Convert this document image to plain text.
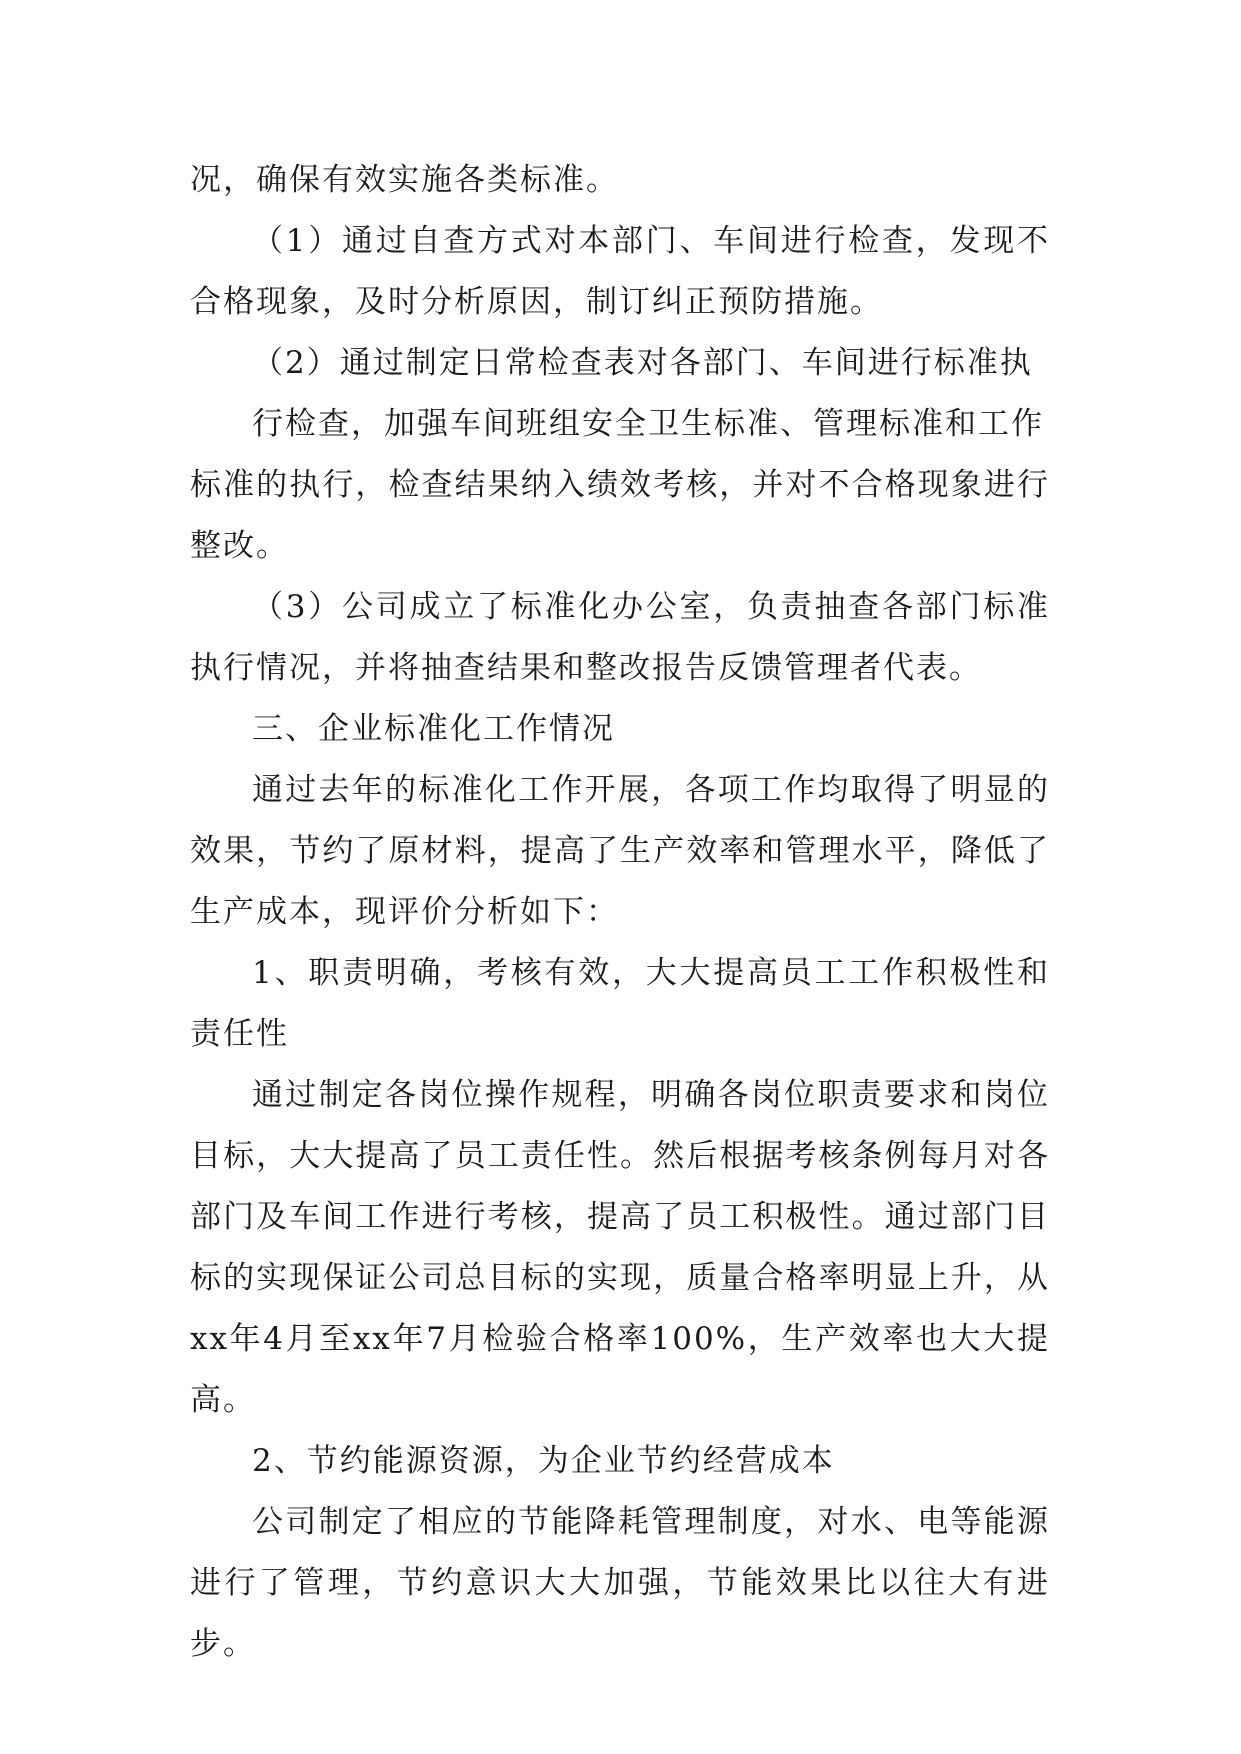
况，确保有效实施各类标准。

（1）通过自查方式对本部门、车间进行检查，发现不合格现象，及时分析原因，制订纠正预防措施。

（2）通过制定日常检查表对各部门、车间进行标准执

行检查，加强车间班组安全卫生标准、管理标准和工作

标准的执行，检查结果纳入绩效考核，并对不合格现象进行整改。

（3）公司成立了标准化办公室，负责抽查各部门标准执行情况，并将抽查结果和整改报告反馈管理者代表。

三、企业标准化工作情况

通过去年的标准化工作开展，各项工作均取得了明显的效果，节约了原材料，提高了生产效率和管理水平，降低了生产成本，现评价分析如下：

1、职责明确，考核有效，大大提高员工工作积极性和责任性

通过制定各岗位操作规程，明确各岗位职责要求和岗位目标，大大提高了员工责任性。然后根据考核条例每月对各部门及车间工作进行考核，提高了员工积极性。通过部门目标的实现保证公司总目标的实现，质量合格率明显上升，从xx年4月至xx年7月检验合格率100%，生产效率也大大提高。

2、节约能源资源，为企业节约经营成本

公司制定了相应的节能降耗管理制度，对水、电等能源进行了管理，节约意识大大加强，节能效果比以往大有进步。
